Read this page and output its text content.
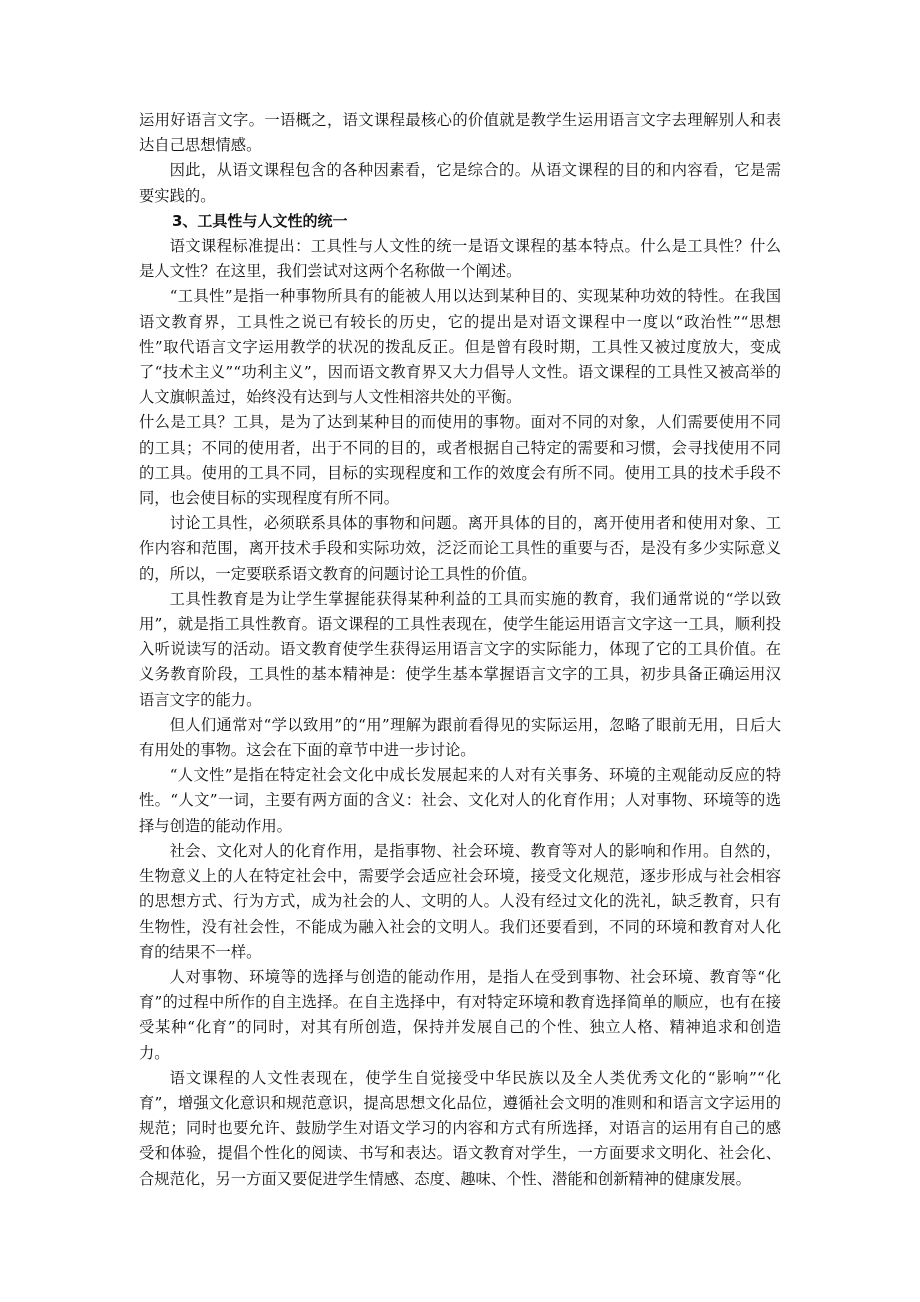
运用好语言文字。一语概之，语文课程最核心的价值就是教学生运用语言文字去理解别人和表达自己思想情感。

因此，从语文课程包含的各种因素看，它是综合的。从语文课程的目的和内容看，它是需要实践的。

3、工具性与人文性的统一

语文课程标准提出：工具性与人文性的统一是语文课程的基本特点。什么是工具性？什么是人文性？在这里，我们尝试对这两个名称做一个阐述。

“工具性”是指一种事物所具有的能被人用以达到某种目的、实现某种功效的特性。在我国语文教育界，工具性之说已有较长的历史，它的提出是对语文课程中一度以“政治性”“思想性”取代语言文字运用教学的状况的拨乱反正。但是曾有段时期，工具性又被过度放大，变成了“技术主义”“功利主义”，因而语文教育界又大力倡导人文性。语文课程的工具性又被高举的人文旗帜盖过，始终没有达到与人文性相溶共处的平衡。

什么是工具？工具，是为了达到某种目的而使用的事物。面对不同的对象，人们需要使用不同的工具；不同的使用者，出于不同的目的，或者根据自己特定的需要和习惯，会寻找使用不同的工具。使用的工具不同，目标的实现程度和工作的效度会有所不同。使用工具的技术手段不同，也会使目标的实现程度有所不同。

讨论工具性，必须联系具体的事物和问题。离开具体的目的，离开使用者和使用对象、工作内容和范围，离开技术手段和实际功效，泛泛而论工具性的重要与否，是没有多少实际意义的，所以，一定要联系语文教育的问题讨论工具性的价值。

工具性教育是为让学生掌握能获得某种利益的工具而实施的教育，我们通常说的“学以致用”，就是指工具性教育。语文课程的工具性表现在，使学生能运用语言文字这一工具，顺利投入听说读写的活动。语文教育使学生获得运用语言文字的实际能力，体现了它的工具价值。在义务教育阶段，工具性的基本精神是：使学生基本掌握语言文字的工具，初步具备正确运用汉语言文字的能力。

但人们通常对“学以致用”的“用”理解为跟前看得见的实际运用，忽略了眼前无用，日后大有用处的事物。这会在下面的章节中进一步讨论。

“人文性”是指在特定社会文化中成长发展起来的人对有关事务、环境的主观能动反应的特性。“人文”一词，主要有两方面的含义：社会、文化对人的化育作用；人对事物、环境等的选择与创造的能动作用。

社会、文化对人的化育作用，是指事物、社会环境、教育等对人的影响和作用。自然的，生物意义上的人在特定社会中，需要学会适应社会环境，接受文化规范，逐步形成与社会相容的思想方式、行为方式，成为社会的人、文明的人。人没有经过文化的洗礼，缺乏教育，只有生物性，没有社会性，不能成为融入社会的文明人。我们还要看到，不同的环境和教育对人化育的结果不一样。

人对事物、环境等的选择与创造的能动作用，是指人在受到事物、社会环境、教育等“化育”的过程中所作的自主选择。在自主选择中，有对特定环境和教育选择简单的顺应，也有在接受某种“化育”的同时，对其有所创造，保持并发展自己的个性、独立人格、精神追求和创造力。

语文课程的人文性表现在，使学生自觉接受中华民族以及全人类优秀文化的“影响”“化育”，增强文化意识和规范意识，提高思想文化品位，遵循社会文明的准则和和语言文字运用的规范；同时也要允许、鼓励学生对语文学习的内容和方式有所选择，对语言的运用有自己的感受和体验，提倡个性化的阅读、书写和表达。语文教育对学生，一方面要求文明化、社会化、合规范化，另一方面又要促进学生情感、态度、趣味、个性、潜能和创新精神的健康发展。
